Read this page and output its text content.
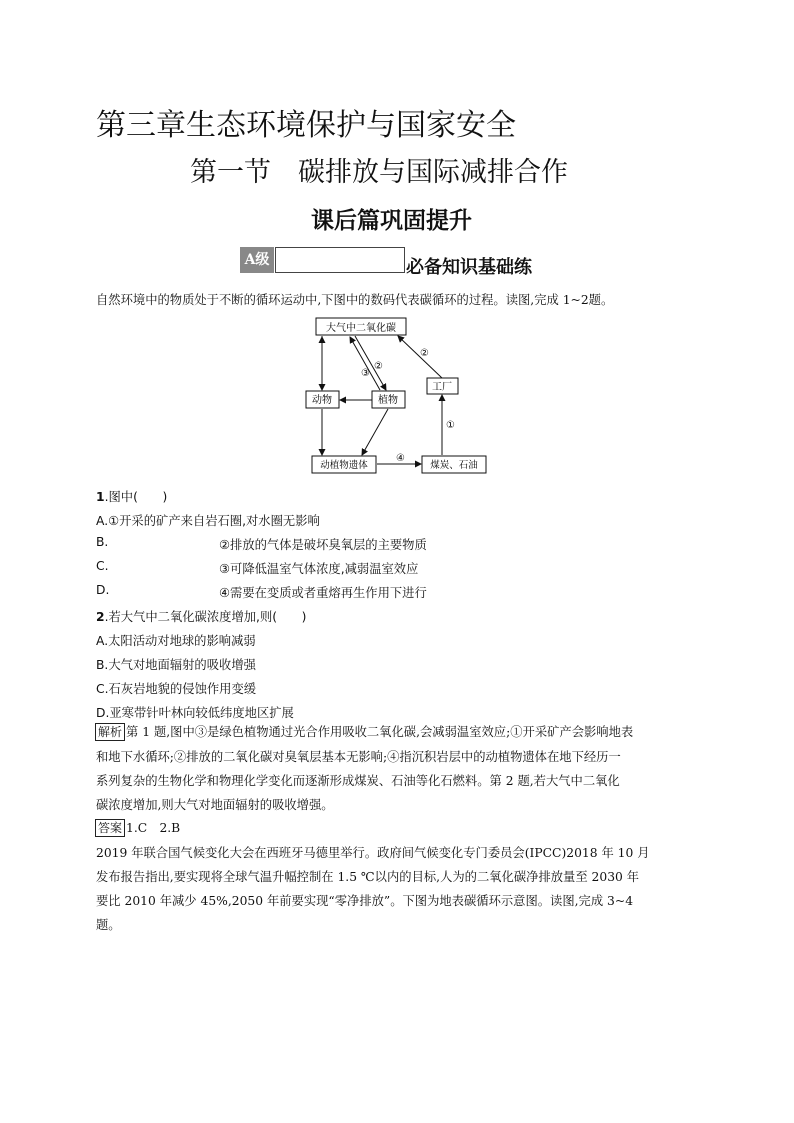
第三章生态环境保护与国家安全
第一节　碳排放与国际减排合作
课后篇巩固提升
A级	必备知识基础练
自然环境中的物质处于不断的循环运动中,下图中的数码代表碳循环的过程。读图,完成 1~2题。
大气中二氧化碳
工厂
动物	植物
动植物遗体	煤炭、石油
②
②
③
①
④
1.图中(　　)
A.①开采的矿产来自岩石圈,对水圈无影响
B.	②排放的气体是破坏臭氧层的主要物质
C.	③可降低温室气体浓度,减弱温室效应
D.	④需要在变质或者重熔再生作用下进行
2.若大气中二氧化碳浓度增加,则(　　)
A.太阳活动对地球的影响减弱
B.大气对地面辐射的吸收增强
C.石灰岩地貌的侵蚀作用变缓
D.亚寒带针叶林向较低纬度地区扩展
解析 第 1 题,图中③是绿色植物通过光合作用吸收二氧化碳,会减弱温室效应;①开采矿产会影响地表
和地下水循环;②排放的二氧化碳对臭氧层基本无影响;④指沉积岩层中的动植物遗体在地下经历一
系列复杂的生物化学和物理化学变化而逐渐形成煤炭、石油等化石燃料。第 2 题,若大气中二氧化
碳浓度增加,则大气对地面辐射的吸收增强。
答案 1.C　2.B
2019 年联合国气候变化大会在西班牙马德里举行。政府间气候变化专门委员会(IPCC)2018 年 10 月
发布报告指出,要实现将全球气温升幅控制在 1.5 ℃以内的目标,人为的二氧化碳净排放量至 2030 年
要比 2010 年减少 45%,2050 年前要实现“零净排放”。下图为地表碳循环示意图。读图,完成 3~4
题。
